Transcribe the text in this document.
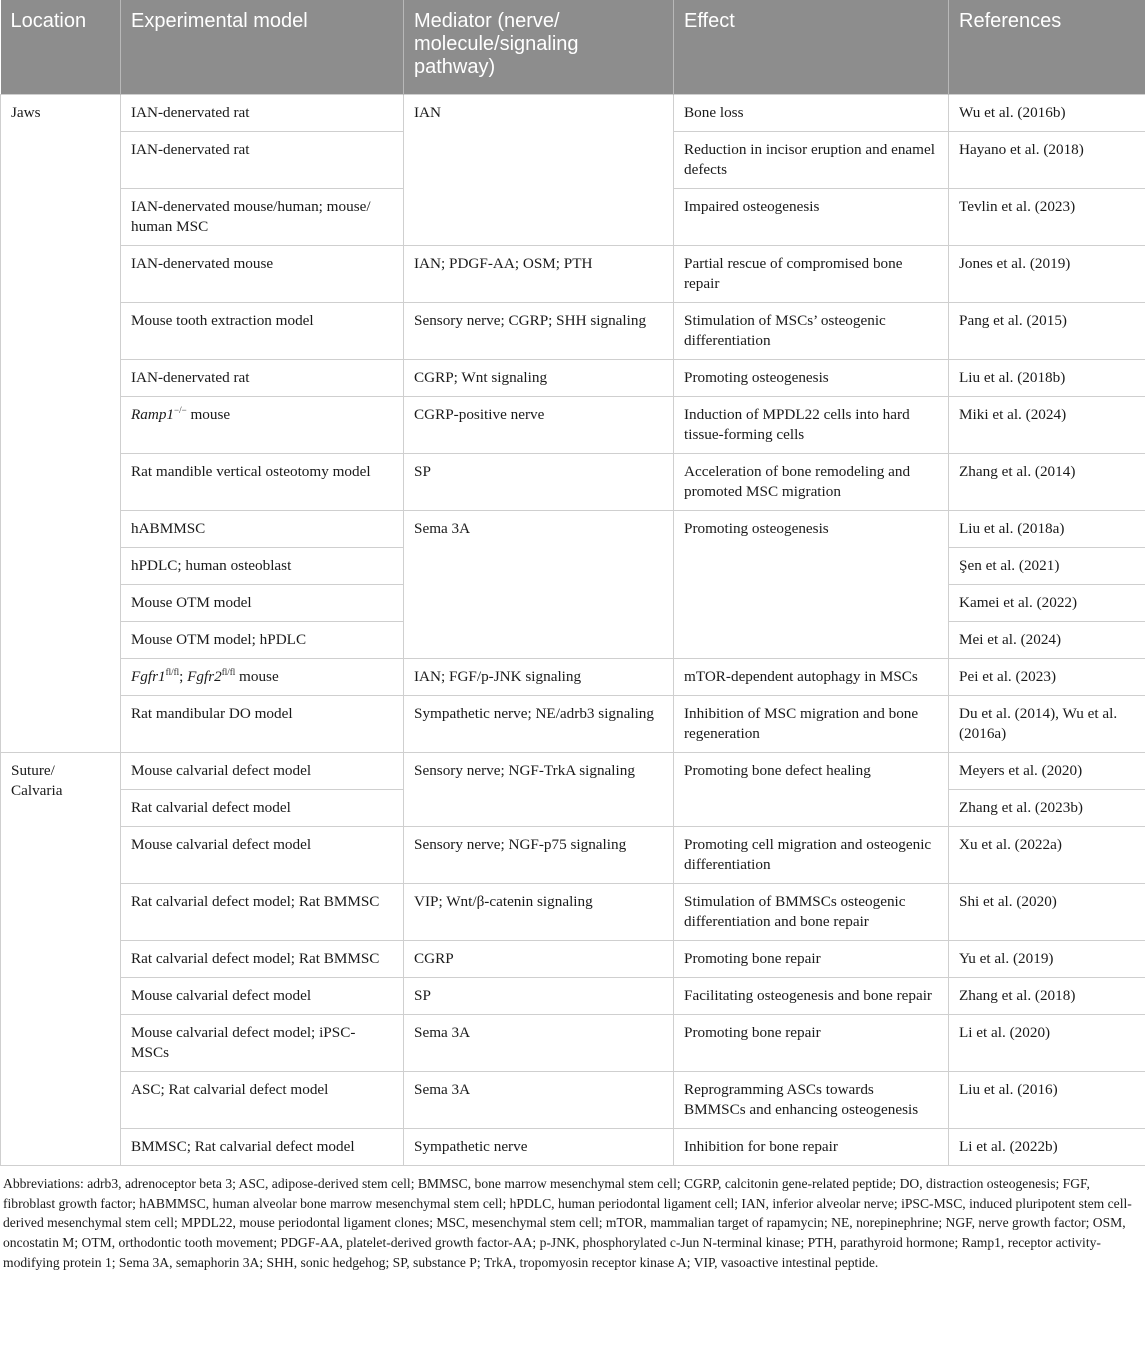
Location	Experimental model	Mediator (nerve/ molecule/signaling pathway)	Effect	References
Jaws	IAN-denervated rat	IAN	Bone loss	Wu et al. (2016b)
	IAN-denervated rat		Reduction in incisor eruption and enamel defects	Hayano et al. (2018)
	IAN-denervated mouse/human; mouse/ human MSC		Impaired osteogenesis	Tevlin et al. (2023)
	IAN-denervated mouse	IAN; PDGF-AA; OSM; PTH	Partial rescue of compromised bone repair	Jones et al. (2019)
	Mouse tooth extraction model	Sensory nerve; CGRP; SHH signaling	Stimulation of MSCs’ osteogenic differentiation	Pang et al. (2015)
	IAN-denervated rat	CGRP; Wnt signaling	Promoting osteogenesis	Liu et al. (2018b)
	Ramp1−/− mouse	CGRP-positive nerve	Induction of MPDL22 cells into hard tissue-forming cells	Miki et al. (2024)
	Rat mandible vertical osteotomy model	SP	Acceleration of bone remodeling and promoted MSC migration	Zhang et al. (2014)
	hABMMSC	Sema 3A	Promoting osteogenesis	Liu et al. (2018a)
	hPDLC; human osteoblast			Şen et al. (2021)
	Mouse OTM model			Kamei et al. (2022)
	Mouse OTM model; hPDLC			Mei et al. (2024)
	$Fgfr1^{fl/fl}$; $Fgfr2^{fl/fl}$ mouse	IAN; FGF/p-JNK signaling	mTOR-dependent autophagy in MSCs	Pei et al. (2023)
	Rat mandibular DO model	Sympathetic nerve; NE/adrb3 signaling	Inhibition of MSC migration and bone regeneration	Du et al. (2014), Wu et al. (2016a)
Suture/ Calvaria	Mouse calvarial defect model	Sensory nerve; NGF-TrkA signaling	Promoting bone defect healing	Meyers et al. (2020)
	Rat calvarial defect model			Zhang et al. (2023b)
	Mouse calvarial defect model	Sensory nerve; NGF-p75 signaling	Promoting cell migration and osteogenic differentiation	Xu et al. (2022a)
	Rat calvarial defect model; Rat BMMSC	VIP; Wnt/β-catenin signaling	Stimulation of BMMSCs osteogenic differentiation and bone repair	Shi et al. (2020)
	Rat calvarial defect model; Rat BMMSC	CGRP	Promoting bone repair	Yu et al. (2019)
	Mouse calvarial defect model	SP	Facilitating osteogenesis and bone repair	Zhang et al. (2018)
	Mouse calvarial defect model; iPSC-MSCs	Sema 3A	Promoting bone repair	Li et al. (2020)
	ASC; Rat calvarial defect model	Sema 3A	Reprogramming ASCs towards BMMSCs and enhancing osteogenesis	Liu et al. (2016)
	BMMSC; Rat calvarial defect model	Sympathetic nerve	Inhibition for bone repair	Li et al. (2022b)
Abbreviations: adrb3, adrenoceptor beta 3; ASC, adipose-derived stem cell; BMMSC, bone marrow mesenchymal stem cell; CGRP, calcitonin gene-related peptide; DO, distraction osteogenesis; FGF, fibroblast growth factor; hABMMSC, human alveolar bone marrow mesenchymal stem cell; hPDLC, human periodontal ligament cell; IAN, inferior alveolar nerve; iPSC-MSC, induced pluripotent stem cell-derived mesenchymal stem cell; MPDL22, mouse periodontal ligament clones; MSC, mesenchymal stem cell; mTOR, mammalian target of rapamycin; NE, norepinephrine; NGF, nerve growth factor; OSM, oncostatin M; OTM, orthodontic tooth movement; PDGF-AA, platelet-derived growth factor-AA; p-JNK, phosphorylated c-Jun N-terminal kinase; PTH, parathyroid hormone; Ramp1, receptor activity-modifying protein 1; Sema 3A, semaphorin 3A; SHH, sonic hedgehog; SP, substance P; TrkA, tropomyosin receptor kinase A; VIP, vasoactive intestinal peptide.
